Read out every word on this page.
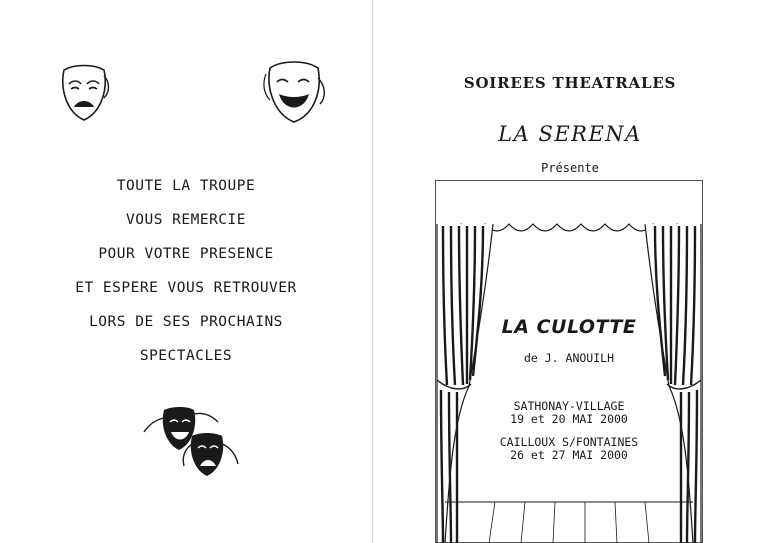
TOUTE LA TROUPE
VOUS REMERCIE
POUR VOTRE PRESENCE
ET ESPERE VOUS RETROUVER
LORS DE SES PROCHAINS
SPECTACLES
SOIREES THEATRALES
LA SERENA
Présente
LA CULOTTE
de J. ANOUILH
SATHONAY-VILLAGE
19 et 20 MAI 2000
CAILLOUX S/FONTAINES
26 et 27 MAI 2000
